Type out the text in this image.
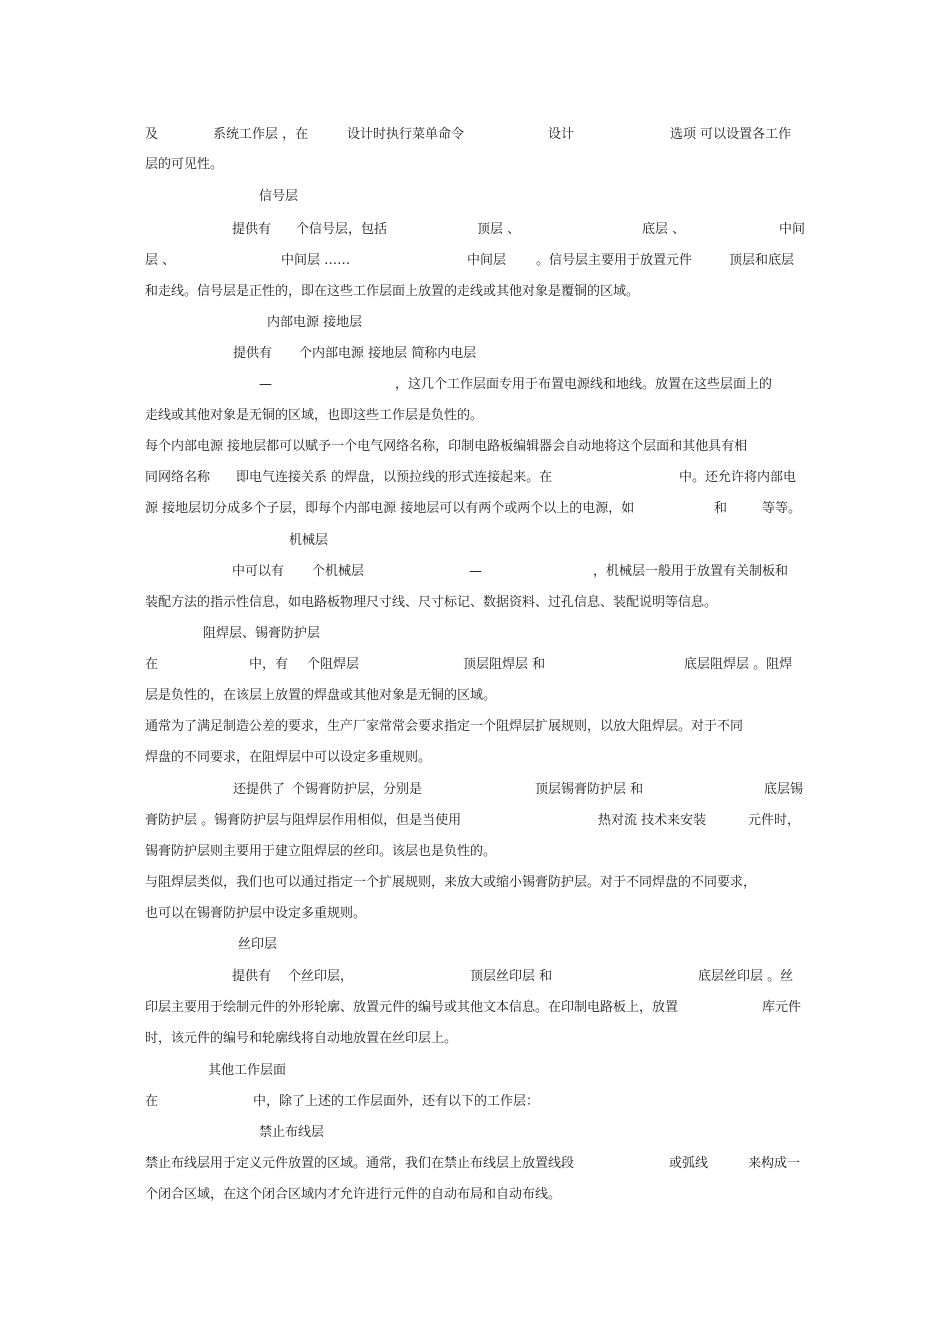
及	系统工作层 ，在	设计时执行菜单命令	设计	选项 可以设置各工作
层的可见性。
信号层
提供有 个信号层，包括	顶层 、	底层 、	中间
层 、	中间层 ……	中间层 。信号层主要用于放置元件	顶层和底层
和走线。信号层是正性的，即在这些工作层面上放置的走线或其他对象是覆铜的区域。
内部电源 接地层
提供有 个内部电源 接地层 简称内电层
—	，这几个工作层面专用于布置电源线和地线。放置在这些层面上的
走线或其他对象是无铜的区域，也即这些工作层是负性的。
每个内部电源 接地层都可以赋予一个电气网络名称，印制电路板编辑器会自动地将这个层面和其他具有相
同网络名称 即电气连接关系 的焊盘，以预拉线的形式连接起来。在	中。还允许将内部电
源 接地层切分成多个子层，即每个内部电源 接地层可以有两个或两个以上的电源，如	和	等等。
机械层
中可以有 个机械层	—	，机械层一般用于放置有关制板和
装配方法的指示性信息，如电路板物理尺寸线、尺寸标记、数据资料、过孔信息、装配说明等信息。
阻焊层、锡膏防护层
在	中，有 个阻焊层	顶层阻焊层 和	底层阻焊层 。阻焊
层是负性的，在该层上放置的焊盘或其他对象是无铜的区域。
通常为了满足制造公差的要求，生产厂家常常会要求指定一个阻焊层扩展规则，以放大阻焊层。对于不同
焊盘的不同要求，在阻焊层中可以设定多重规则。
还提供了 个锡膏防护层，分别是	顶层锡膏防护层 和	底层锡
膏防护层 。锡膏防护层与阻焊层作用相似，但是当使用	热对流 技术来安装	元件时，
锡膏防护层则主要用于建立阻焊层的丝印。该层也是负性的。
与阻焊层类似，我们也可以通过指定一个扩展规则，来放大或缩小锡膏防护层。对于不同焊盘的不同要求，
也可以在锡膏防护层中设定多重规则。
丝印层
提供有 个丝印层，	顶层丝印层 和	底层丝印层 。丝
印层主要用于绘制元件的外形轮廓、放置元件的编号或其他文本信息。在印制电路板上，放置	库元件
时，该元件的编号和轮廓线将自动地放置在丝印层上。
其他工作层面
在	中，除了上述的工作层面外，还有以下的工作层：
禁止布线层
禁止布线层用于定义元件放置的区域。通常，我们在禁止布线层上放置线段	或弧线	来构成一
个闭合区域，在这个闭合区域内才允许进行元件的自动布局和自动布线。
